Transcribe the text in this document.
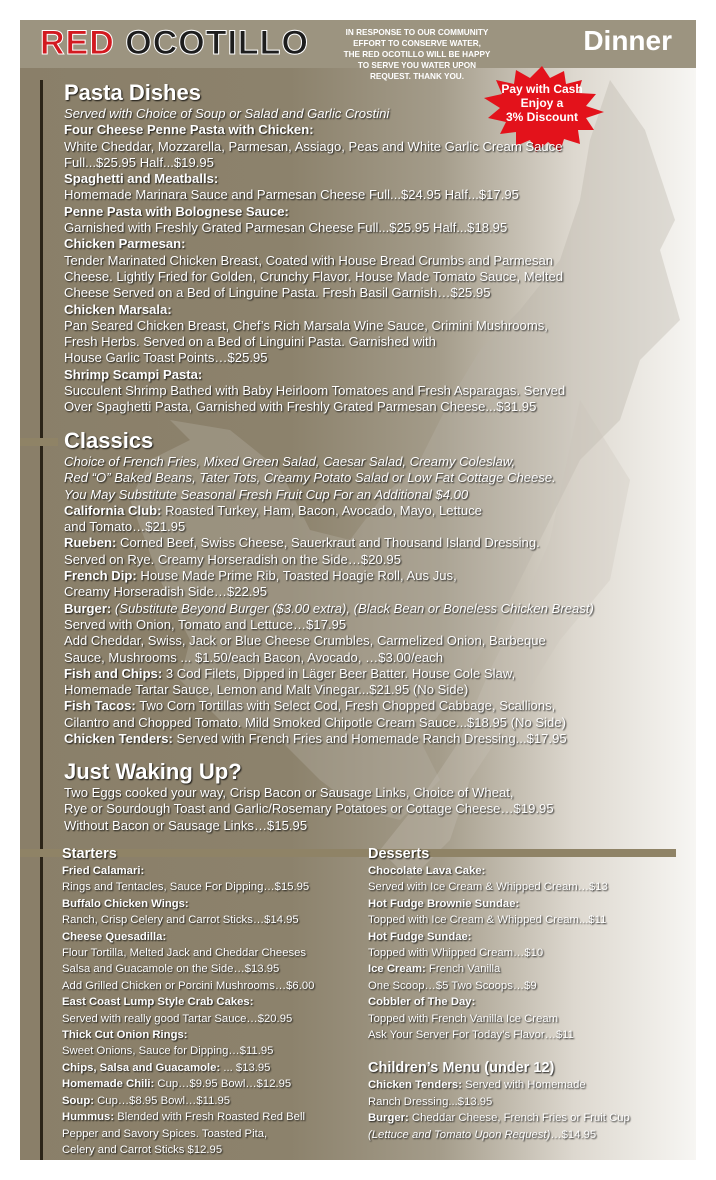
RED OCOTILLO	IN RESPONSE TO OUR COMMUNITY
EFFORT TO CONSERVE WATER,
THE RED OCOTILLO WILL BE HAPPY
TO SERVE YOU WATER UPON
REQUEST. THANK YOU.
Dinner
Pay with Cash
Enjoy a
3% Discount
Pasta Dishes
Served with Choice of Soup or Salad and Garlic Crostini
Four Cheese Penne Pasta with Chicken:
White Cheddar, Mozzarella, Parmesan, Assiago, Peas and White Garlic Cream Sauce
Full...$25.95 Half...$19.95
Spaghetti and Meatballs:
Homemade Marinara Sauce and Parmesan Cheese Full...$24.95 Half...$17.95
Penne Pasta with Bolognese Sauce:
Garnished with Freshly Grated Parmesan Cheese Full...$25.95 Half...$18.95
Chicken Parmesan:
Tender Marinated Chicken Breast, Coated with House Bread Crumbs and Parmesan
Cheese. Lightly Fried for Golden, Crunchy Flavor. House Made Tomato Sauce, Melted
Cheese Served on a Bed of Linguine Pasta. Fresh Basil Garnish…$25.95
Chicken Marsala:
Pan Seared Chicken Breast, Chef’s Rich Marsala Wine Sauce, Crimini Mushrooms,
Fresh Herbs. Served on a Bed of Linguini Pasta. Garnished with
House Garlic Toast Points…$25.95
Shrimp Scampi Pasta:
Succulent Shrimp Bathed with Baby Heirloom Tomatoes and Fresh Asparagas. Served
Over Spaghetti Pasta, Garnished with Freshly Grated Parmesan Cheese...$31.95
Classics
Choice of French Fries, Mixed Green Salad, Caesar Salad, Creamy Coleslaw,
Red “O” Baked Beans, Tater Tots, Creamy Potato Salad or Low Fat Cottage Cheese.
You May Substitute Seasonal Fresh Fruit Cup For an Additional $4.00
California Club: Roasted Turkey, Ham, Bacon, Avocado, Mayo, Lettuce
and Tomato…$21.95
Rueben: Corned Beef, Swiss Cheese, Sauerkraut and Thousand Island Dressing.
Served on Rye. Creamy Horseradish on the Side…$20.95
French Dip: House Made Prime Rib, Toasted Hoagie Roll, Aus Jus,
Creamy Horseradish Side…$22.95
Burger: (Substitute Beyond Burger ($3.00 extra), (Black Bean or Boneless Chicken Breast)
Served with Onion, Tomato and Lettuce…$17.95
Add Cheddar, Swiss, Jack or Blue Cheese Crumbles, Carmelized Onion, Barbeque
Sauce, Mushrooms ... $1.50/each Bacon, Avocado, …$3.00/each
Fish and Chips: 3 Cod Filets, Dipped in Läger Beer Batter. House Cole Slaw,
Homemade Tartar Sauce, Lemon and Malt Vinegar...$21.95 (No Side)
Fish Tacos: Two Corn Tortillas with Select Cod, Fresh Chopped Cabbage, Scallions,
Cilantro and Chopped Tomato. Mild Smoked Chipotle Cream Sauce...$18.95 (No Side)
Chicken Tenders: Served with French Fries and Homemade Ranch Dressing...$17.95
Just Waking Up?
Two Eggs cooked your way, Crisp Bacon or Sausage Links, Choice of Wheat,
Rye or Sourdough Toast and Garlic/Rosemary Potatoes or Cottage Cheese…$19.95
Without Bacon or Sausage Links…$15.95
Starters
Fried Calamari:
Rings and Tentacles, Sauce For Dipping…$15.95
Buffalo Chicken Wings:
Ranch, Crisp Celery and Carrot Sticks…$14.95
Cheese Quesadilla:
Flour Tortilla, Melted Jack and Cheddar Cheeses
Salsa and Guacamole on the Side…$13.95
Add Grilled Chicken or Porcini Mushrooms…$6.00
East Coast Lump Style Crab Cakes:
Served with really good Tartar Sauce…$20.95
Thick Cut Onion Rings:
Sweet Onions, Sauce for Dipping…$11.95
Chips, Salsa and Guacamole: ... $13.95
Homemade Chili: Cup…$9.95 Bowl…$12.95
Soup: Cup…$8.95 Bowl…$11.95
Hummus: Blended with Fresh Roasted Red Bell
Pepper and Savory Spices. Toasted Pita,
Celery and Carrot Sticks $12.95
Desserts
Chocolate Lava Cake:
Served with Ice Cream & Whipped Cream…$13
Hot Fudge Brownie Sundae:
Topped with Ice Cream & Whipped Cream...$11
Hot Fudge Sundae:
Topped with Whipped Cream…$10
Ice Cream: French Vanilla
One Scoop…$5 Two Scoops…$9
Cobbler of The Day:
Topped with French Vanilla Ice Cream
Ask Your Server For Today’s Flavor…$11
Children’s Menu (under 12)
Chicken Tenders: Served with Homemade
Ranch Dressing...$13.95
Burger: Cheddar Cheese, French Fries or Fruit Cup
(Lettuce and Tomato Upon Request)…$14.95
